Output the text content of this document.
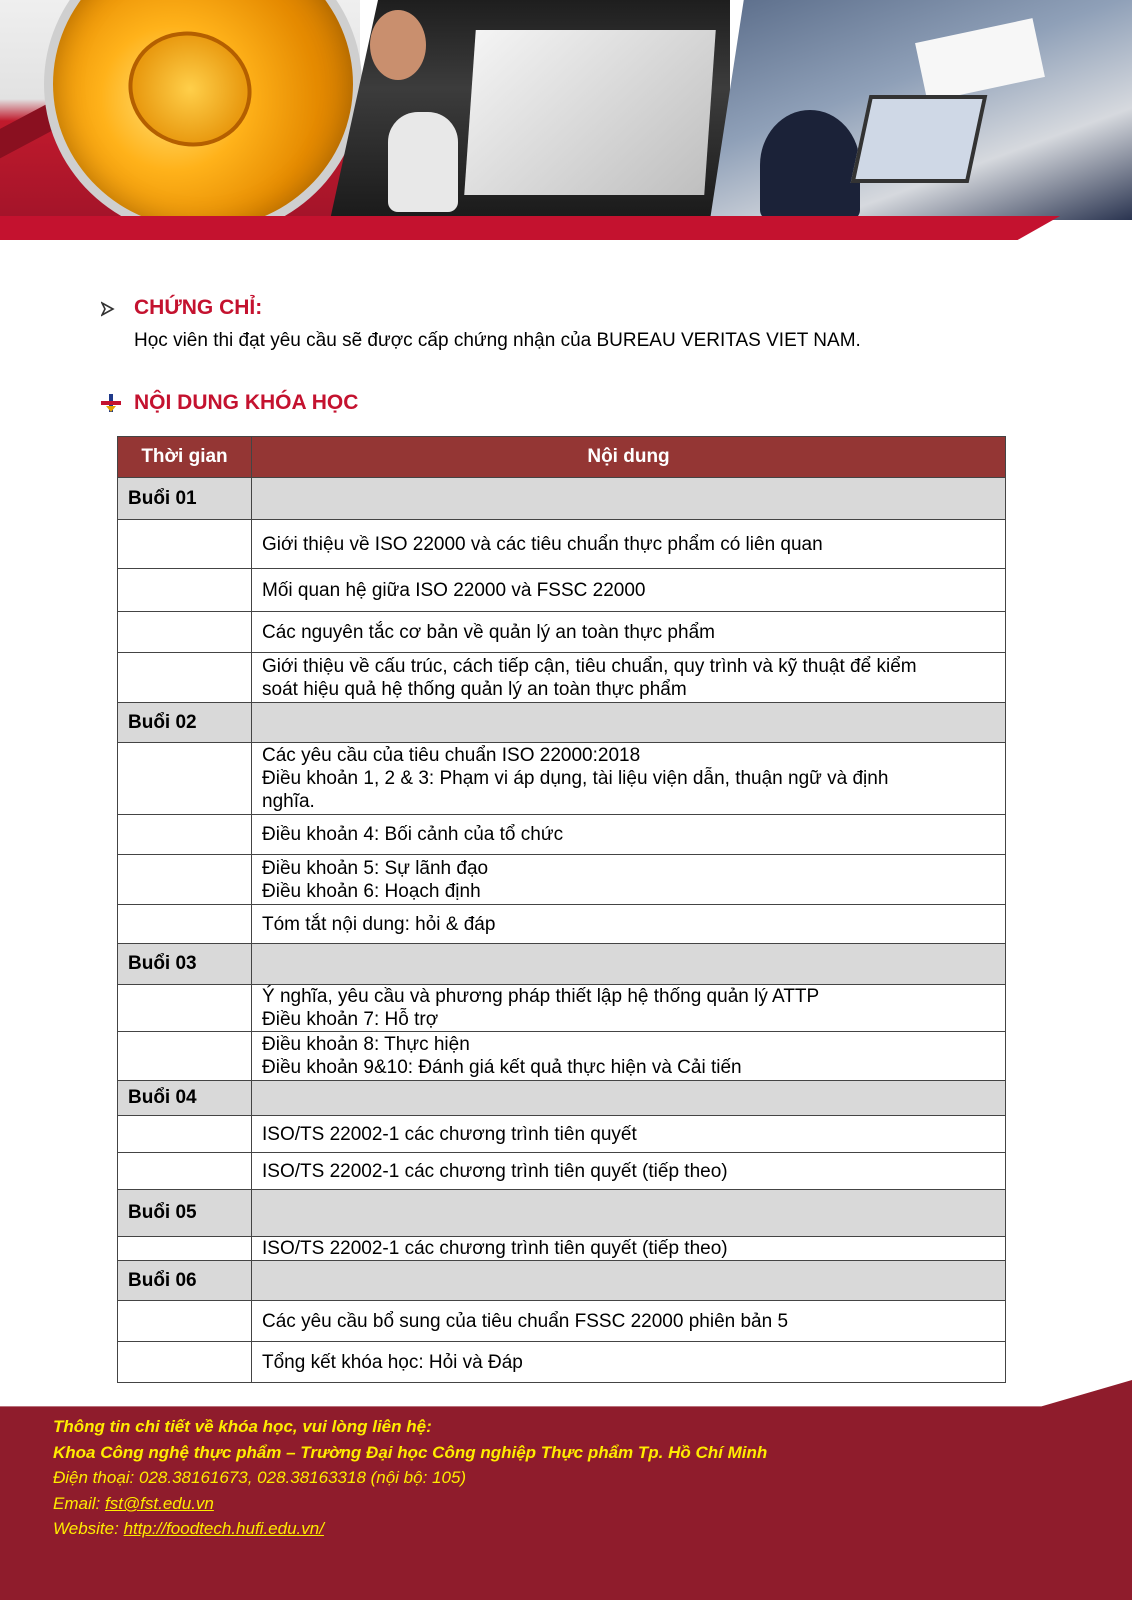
CHỨNG CHỈ:
Học viên thi đạt yêu cầu sẽ được cấp chứng nhận của BUREAU VERITAS VIET NAM.
NỘI DUNG KHÓA HỌC
Thời gian	Nội dung
Buổi 01	
	Giới thiệu về ISO 22000 và các tiêu chuẩn thực phẩm có liên quan
	Mối quan hệ giữa ISO 22000 và FSSC 22000
	Các nguyên tắc cơ bản về quản lý an toàn thực phẩm
	Giới thiệu về cấu trúc, cách tiếp cận, tiêu chuẩn, quy trình và kỹ thuật để kiểm
soát hiệu quả hệ thống quản lý an toàn thực phẩm
Buổi 02	
	Các yêu cầu của tiêu chuẩn ISO 22000:2018
Điều khoản 1, 2 & 3: Phạm vi áp dụng, tài liệu viện dẫn, thuận ngữ và định
nghĩa.
	Điều khoản 4: Bối cảnh của tổ chức
	Điều khoản 5: Sự lãnh đạo
Điều khoản 6: Hoạch định
	Tóm tắt nội dung: hỏi & đáp
Buổi 03	
	Ý nghĩa, yêu cầu và phương pháp thiết lập hệ thống quản lý ATTP
Điều khoản 7: Hỗ trợ
	Điều khoản 8: Thực hiện
Điều khoản 9&10: Đánh giá kết quả thực hiện và Cải tiến
Buổi 04	
	ISO/TS 22002-1 các chương trình tiên quyết
	ISO/TS 22002-1 các chương trình tiên quyết (tiếp theo)
Buổi 05	
	ISO/TS 22002-1 các chương trình tiên quyết (tiếp theo)
Buổi 06	
	Các yêu cầu bổ sung của tiêu chuẩn FSSC 22000 phiên bản 5
	Tổng kết khóa học: Hỏi và Đáp
Thông tin chi tiết về khóa học, vui lòng liên hệ:
Khoa Công nghệ thực phẩm – Trường Đại học Công nghiệp Thực phẩm Tp. Hồ Chí Minh
Điện thoại: 028.38161673, 028.38163318 (nội bộ: 105)
Email: fst@fst.edu.vn
Website: http://foodtech.hufi.edu.vn/
